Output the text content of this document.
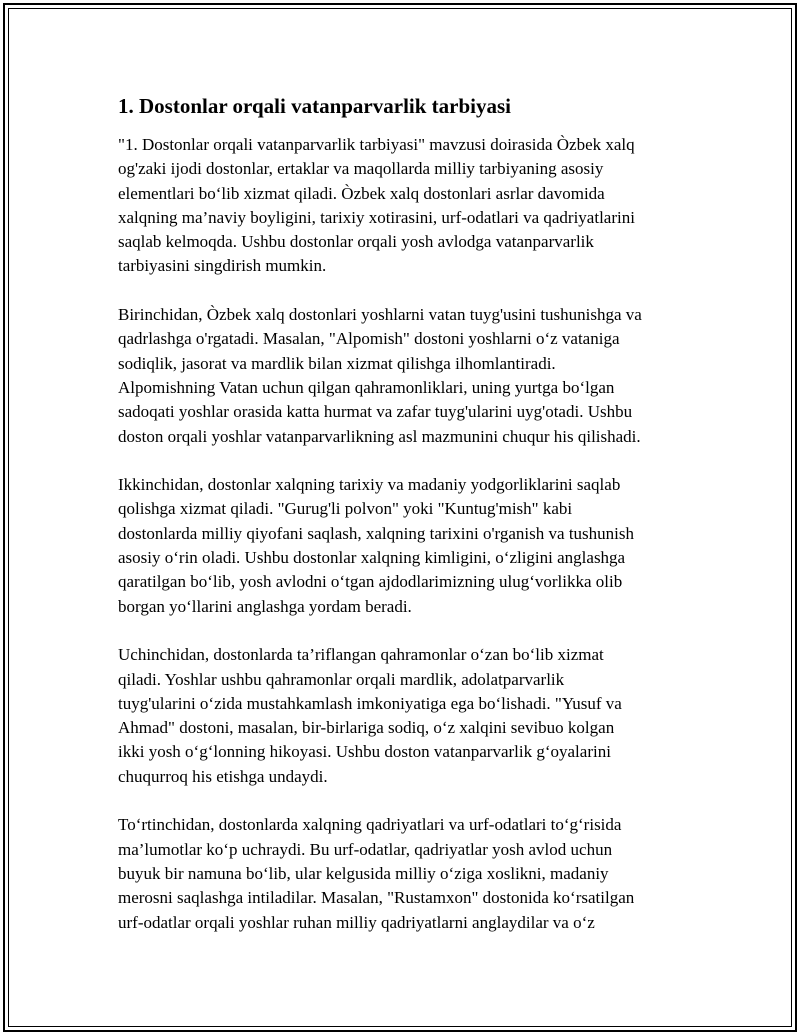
1. Dostonlar orqali vatanparvarlik tarbiyasi

"1. Dostonlar orqali vatanparvarlik tarbiyasi" mavzusi doirasida Òzbek xalq
og'zaki ijodi dostonlar, ertaklar va maqollarda milliy tarbiyaning asosiy
elementlari bo‘lib xizmat qiladi. Òzbek xalq dostonlari asrlar davomida
xalqning ma’naviy boyligini, tarixiy xotirasini, urf-odatlari va qadriyatlarini
saqlab kelmoqda. Ushbu dostonlar orqali yosh avlodga vatanparvarlik
tarbiyasini singdirish mumkin.

Birinchidan, Òzbek xalq dostonlari yoshlarni vatan tuyg'usini tushunishga va
qadrlashga o'rgatadi. Masalan, "Alpomish" dostoni yoshlarni o‘z vataniga
sodiqlik, jasorat va mardlik bilan xizmat qilishga ilhomlantiradi.
Alpomishning Vatan uchun qilgan qahramonliklari, uning yurtga bo‘lgan
sadoqati yoshlar orasida katta hurmat va zafar tuyg'ularini uyg'otadi. Ushbu
doston orqali yoshlar vatanparvarlikning asl mazmunini chuqur his qilishadi.

Ikkinchidan, dostonlar xalqning tarixiy va madaniy yodgorliklarini saqlab
qolishga xizmat qiladi. "Gurug'li polvon" yoki "Kuntug'mish" kabi
dostonlarda milliy qiyofani saqlash, xalqning tarixini o'rganish va tushunish
asosiy o‘rin oladi. Ushbu dostonlar xalqning kimligini, o‘zligini anglashga
qaratilgan bo‘lib, yosh avlodni o‘tgan ajdodlarimizning ulug‘vorlikka olib
borgan yo‘llarini anglashga yordam beradi.

Uchinchidan, dostonlarda ta’riflangan qahramonlar o‘zan bo‘lib xizmat
qiladi. Yoshlar ushbu qahramonlar orqali mardlik, adolatparvarlik
tuyg'ularini o‘zida mustahkamlash imkoniyatiga ega bo‘lishadi. "Yusuf va
Ahmad" dostoni, masalan, bir-birlariga sodiq, o‘z xalqini sevibuo kolgan
ikki yosh o‘g‘lonning hikoyasi. Ushbu doston vatanparvarlik g‘oyalarini
chuqurroq his etishga undaydi.

To‘rtinchidan, dostonlarda xalqning qadriyatlari va urf-odatlari to‘g‘risida
ma’lumotlar ko‘p uchraydi. Bu urf-odatlar, qadriyatlar yosh avlod uchun
buyuk bir namuna bo‘lib, ular kelgusida milliy o‘ziga xoslikni, madaniy
merosni saqlashga intiladilar. Masalan, "Rustamxon" dostonida ko‘rsatilgan
urf-odatlar orqali yoshlar ruhan milliy qadriyatlarni anglaydilar va o‘z
